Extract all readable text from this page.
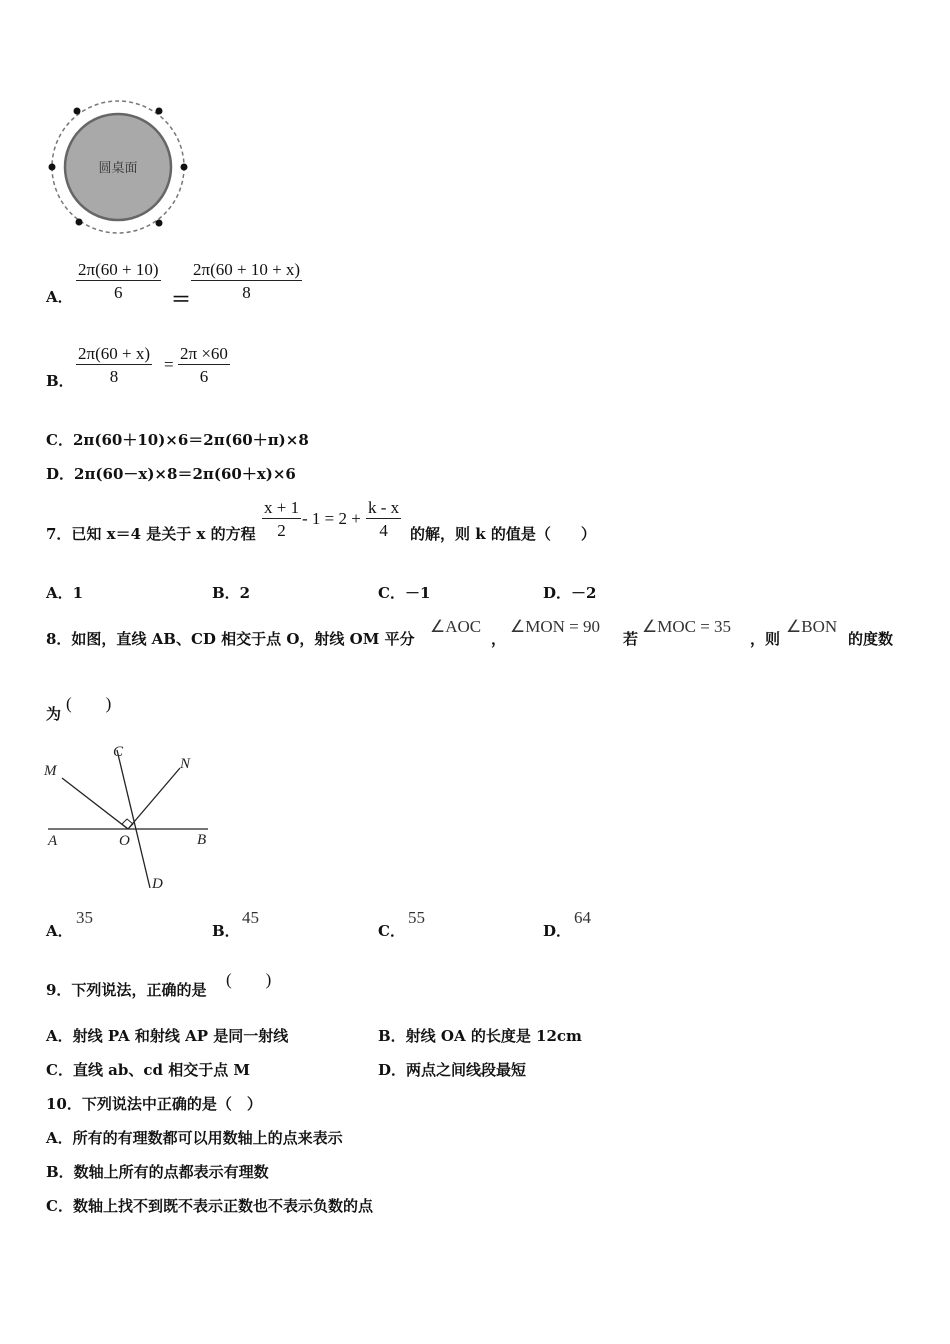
圆桌面
A． $\frac{2\pi(60 + 10)}{6} = \frac{2\pi(60 + 10 + x)}{8}$
B． $\frac{2\pi(60 + x)}{8} = \frac{2\pi \times 60}{6}$
C．2π(60＋10)×6＝2π(60＋π)×8
D．2π(60－x)×8＝2π(60＋x)×6
7．已知 x＝4 是关于 x 的方程 $\frac{x + 1}{2} - 1 = 2 + \frac{k - x}{4}$ 的解，则 k 的值是（　　）
A．1	B．2	C．－1	D．－2
8．如图，直线 AB、CD 相交于点 O，射线 OM 平分
∠AOC
，
∠MON = 90
若
∠MOC = 35
，则
∠BON
的度数
为
(　　)
M
C
N
A	O	B
D
A．
35
B．
45
C．
55
D．
64
9．下列说法，正确的是
(　　)
A．射线 PA 和射线 AP 是同一射线	B．射线 OA 的长度是 12cm
C．直线 ab、cd 相交于点 M	D．两点之间线段最短
10．下列说法中正确的是（　）
A．所有的有理数都可以用数轴上的点来表示
B．数轴上所有的点都表示有理数
C．数轴上找不到既不表示正数也不表示负数的点
